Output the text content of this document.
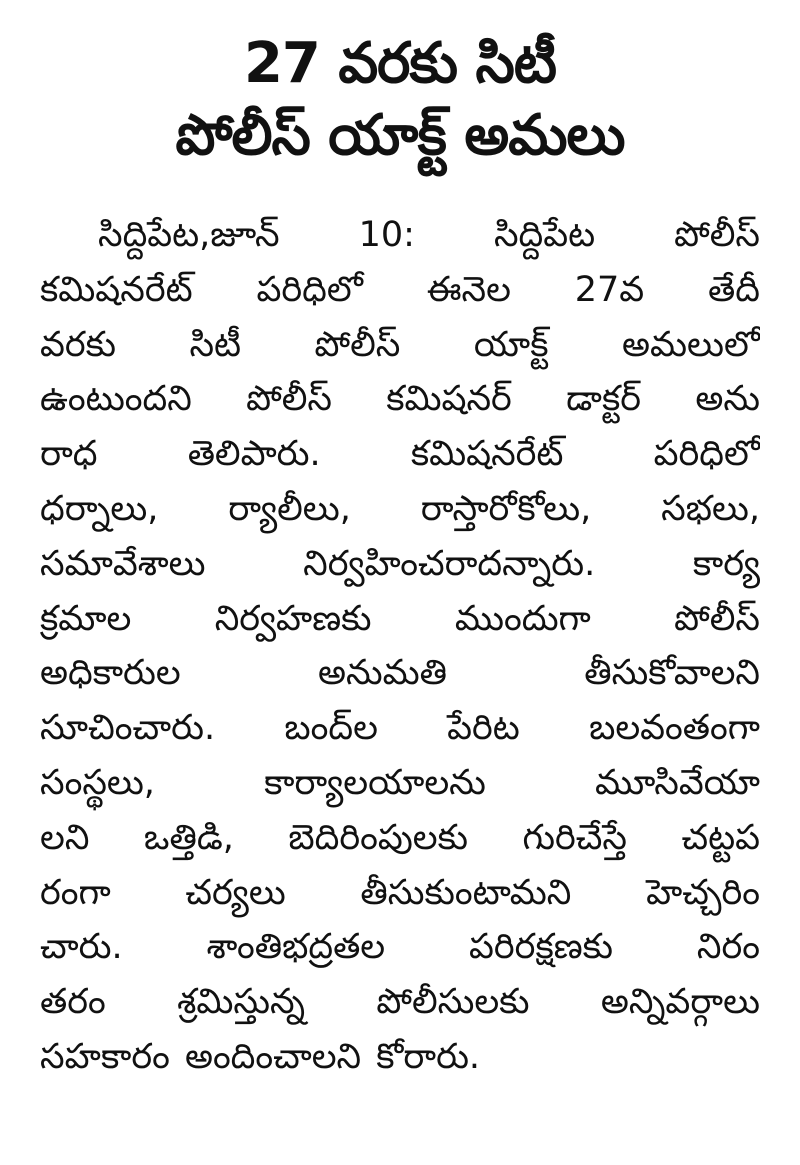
27 వరకు సిటీ
పోలీస్ యాక్ట్ అమలు
సిద్దిపేట,జూన్ 10: సిద్దిపేట పోలీస్
కమిషనరేట్ పరిధిలో ఈనెల 27వ తేదీ
వరకు సిటీ పోలీస్ యాక్ట్ అమలులో
ఉంటుందని పోలీస్ కమిషనర్ డాక్టర్ అను
రాధ తెలిపారు. కమిషనరేట్ పరిధిలో
ధర్నాలు, ర్యాలీలు, రాస్తారోకోలు, సభలు,
సమావేశాలు నిర్వహించరాదన్నారు. కార్య
క్రమాల నిర్వహణకు ముందుగా పోలీస్
అధికారుల అనుమతి తీసుకోవాలని
సూచించారు. బంద్‌ల పేరిట బలవంతంగా
సంస్థలు, కార్యాలయాలను మూసివేయా
లని ఒత్తిడి, బెదిరింపులకు గురిచేస్తే చట్టప
రంగా చర్యలు తీసుకుంటామని హెచ్చరిం
చారు. శాంతిభద్రతల పరిరక్షణకు నిరం
తరం శ్రమిస్తున్న పోలీసులకు అన్నివర్గాలు
సహకారం అందించాలని కోరారు.
